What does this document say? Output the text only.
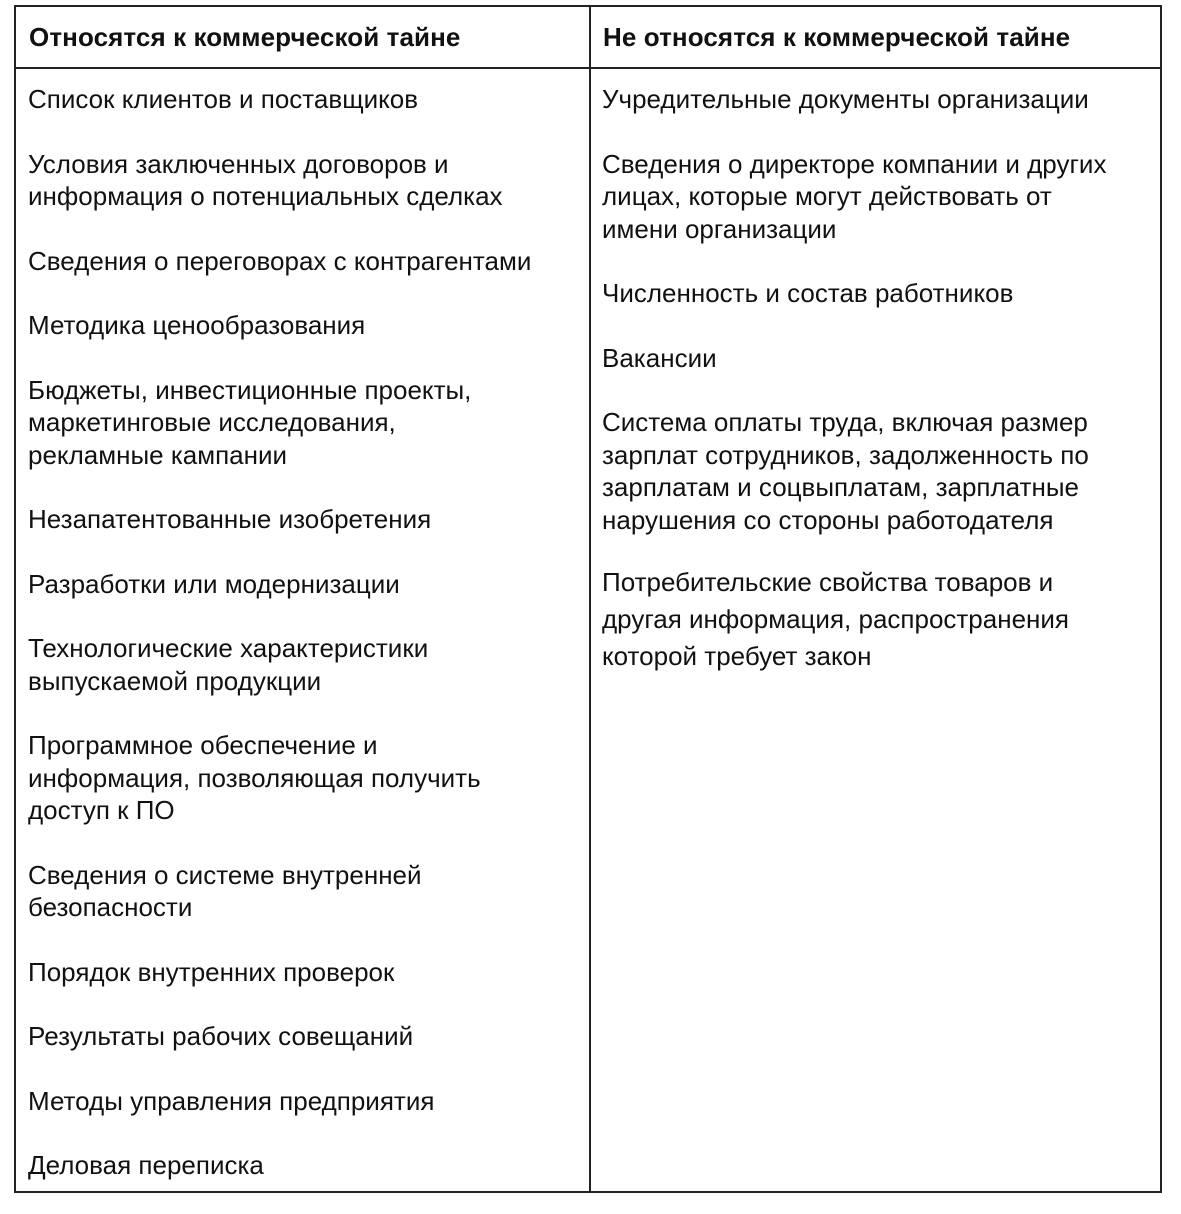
Относятся к коммерческой тайне	Не относятся к коммерческой тайне
Список клиентов и поставщиков
Условия заключенных договоров и
информация о потенциальных сделках
Сведения о переговорах с контрагентами
Методика ценообразования
Бюджеты, инвестиционные проекты,
маркетинговые исследования,
рекламные кампании
Незапатентованные изобретения
Разработки или модернизации
Технологические характеристики
выпускаемой продукции
Программное обеспечение и
информация, позволяющая получить
доступ к ПО
Сведения о системе внутренней
безопасности
Порядок внутренних проверок
Результаты рабочих совещаний
Методы управления предприятия
Деловая переписка
Учредительные документы организации
Сведения о директоре компании и других
лицах, которые могут действовать от
имени организации
Численность и состав работников
Вакансии
Система оплаты труда, включая размер
зарплат сотрудников, задолженность по
зарплатам и соцвыплатам, зарплатные
нарушения со стороны работодателя
Потребительские свойства товаров и
другая информация, распространения
которой требует закон
